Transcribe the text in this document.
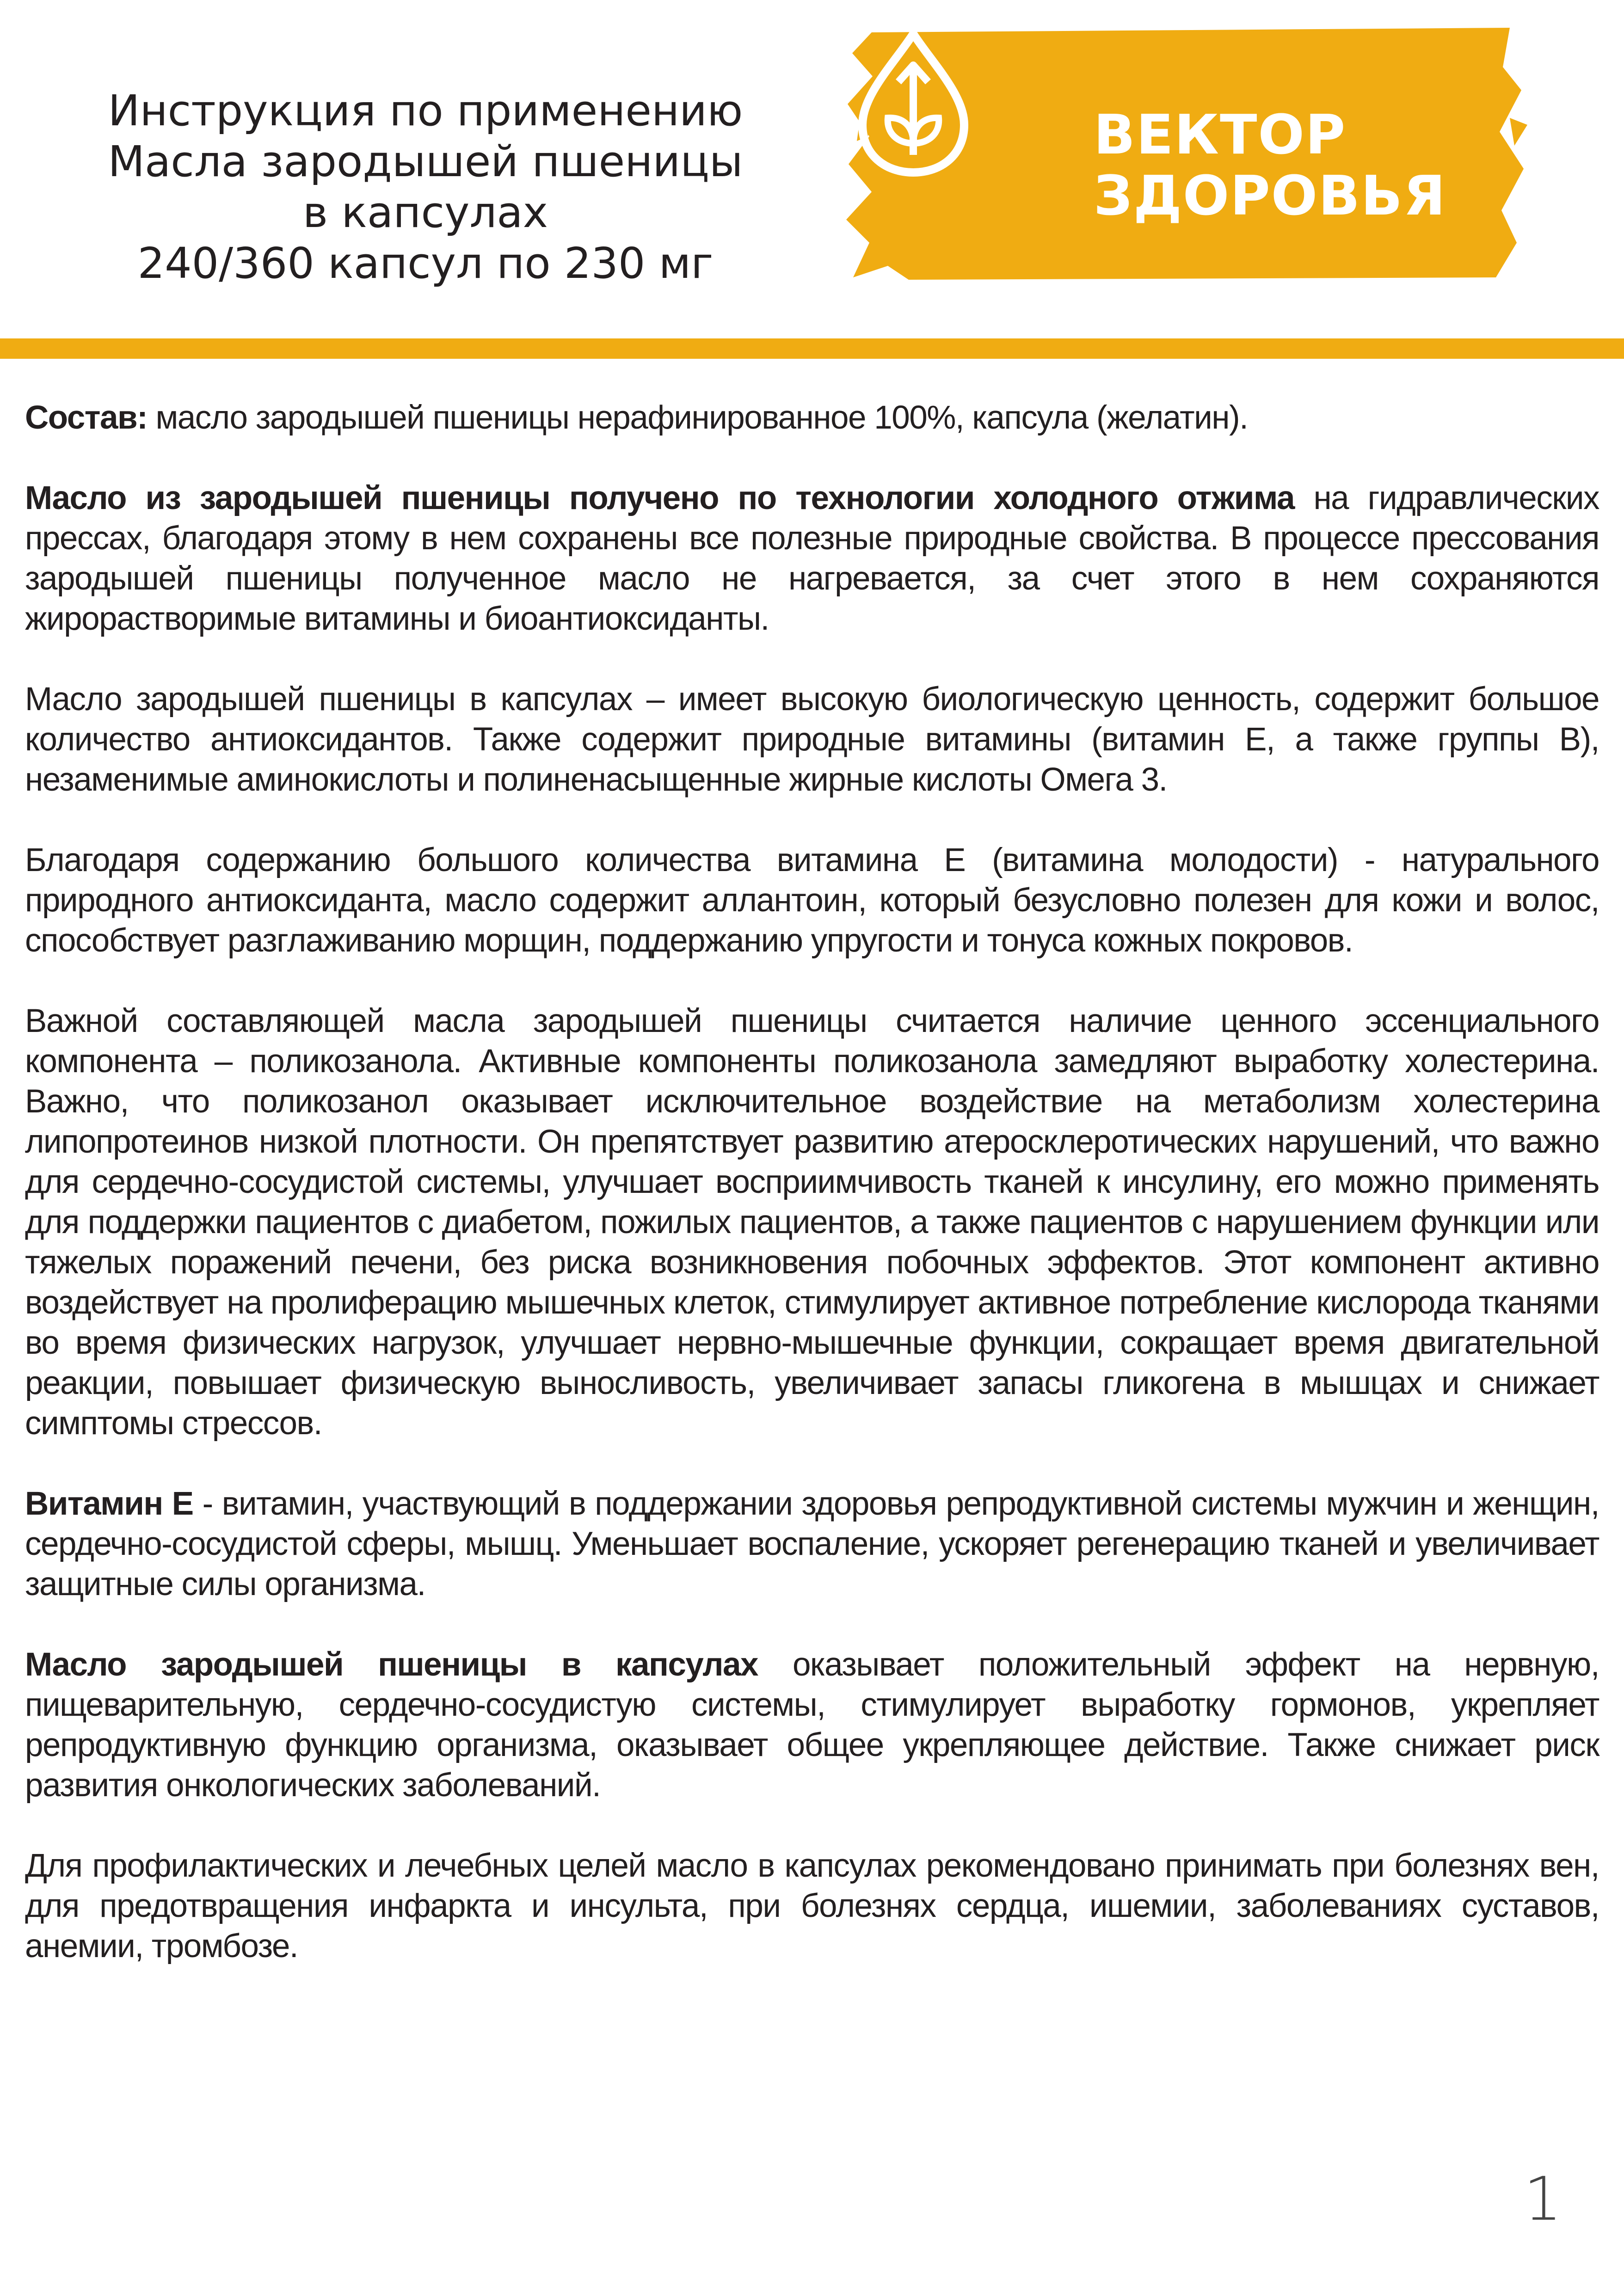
Инструкция по применению
Масла зародышей пшеницы
в капсулах
240/360 капсул по 230 мг
ВЕКТОР
ЗДОРОВЬЯ

Состав: масло зародышей пшеницы нерафинированное 100%, капсула (желатин).

Масло из зародышей пшеницы получено по технологии холодного отжима на гидравлических прессах, благодаря этому в нем сохранены все полезные природные свойства. В процессе прессования зародышей пшеницы полученное масло не нагревается, за счет этого в нем сохраняются жирорастворимые витамины и биоантиоксиданты.

Масло зародышей пшеницы в капсулах – имеет высокую биологическую ценность, содержит большое количество антиоксидантов. Также содержит природные витамины (витамин Е, а также группы В), незаменимые аминокислоты и полиненасыщенные жирные кислоты Омега 3.

Благодаря содержанию большого количества витамина Е (витамина молодости) - натурального природного антиоксиданта, масло содержит аллантоин, который безусловно полезен для кожи и волос, способствует разглаживанию морщин, поддержанию упругости и тонуса кожных покровов.

Важной составляющей масла зародышей пшеницы считается наличие ценного эссенциального компонента – поликозанола. Активные компоненты поликозанола замедляют выработку холестерина. Важно, что поликозанол оказывает исключительное воздействие на метаболизм холестерина липопротеинов низкой плотности. Он препятствует развитию атеросклеротических нарушений, что важно для сердечно-сосудистой системы, улучшает восприимчивость тканей к инсулину, его можно применять для поддержки пациентов с диабетом, пожилых пациентов, а также пациентов с нарушением функции или тяжелых поражений печени, без риска возникновения побочных эффектов. Этот компонент активно воздействует на пролиферацию мышечных клеток, стимулирует активное потребление кислорода тканями во время физических нагрузок, улучшает нервно-мышечные функции, сокращает время двигательной реакции, повышает физическую выносливость, увеличивает запасы гликогена в мышцах и снижает симптомы стрессов.

Витамин Е - витамин, участвующий в поддержании здоровья репродуктивной системы мужчин и женщин, сердечно-сосудистой сферы, мышц. Уменьшает воспаление, ускоряет регенерацию тканей и увеличивает защитные силы организма.

Масло зародышей пшеницы в капсулах оказывает положительный эффект на нервную, пищеварительную, сердечно-сосудистую системы, стимулирует выработку гормонов, укрепляет репродуктивную функцию организма, оказывает общее укрепляющее действие. Также снижает риск развития онкологических заболеваний.

Для профилактических и лечебных целей масло в капсулах рекомендовано принимать при болезнях вен, для предотвращения инфаркта и инсульта, при болезнях сердца, ишемии, заболеваниях суставов, анемии, тромбозе.

1
